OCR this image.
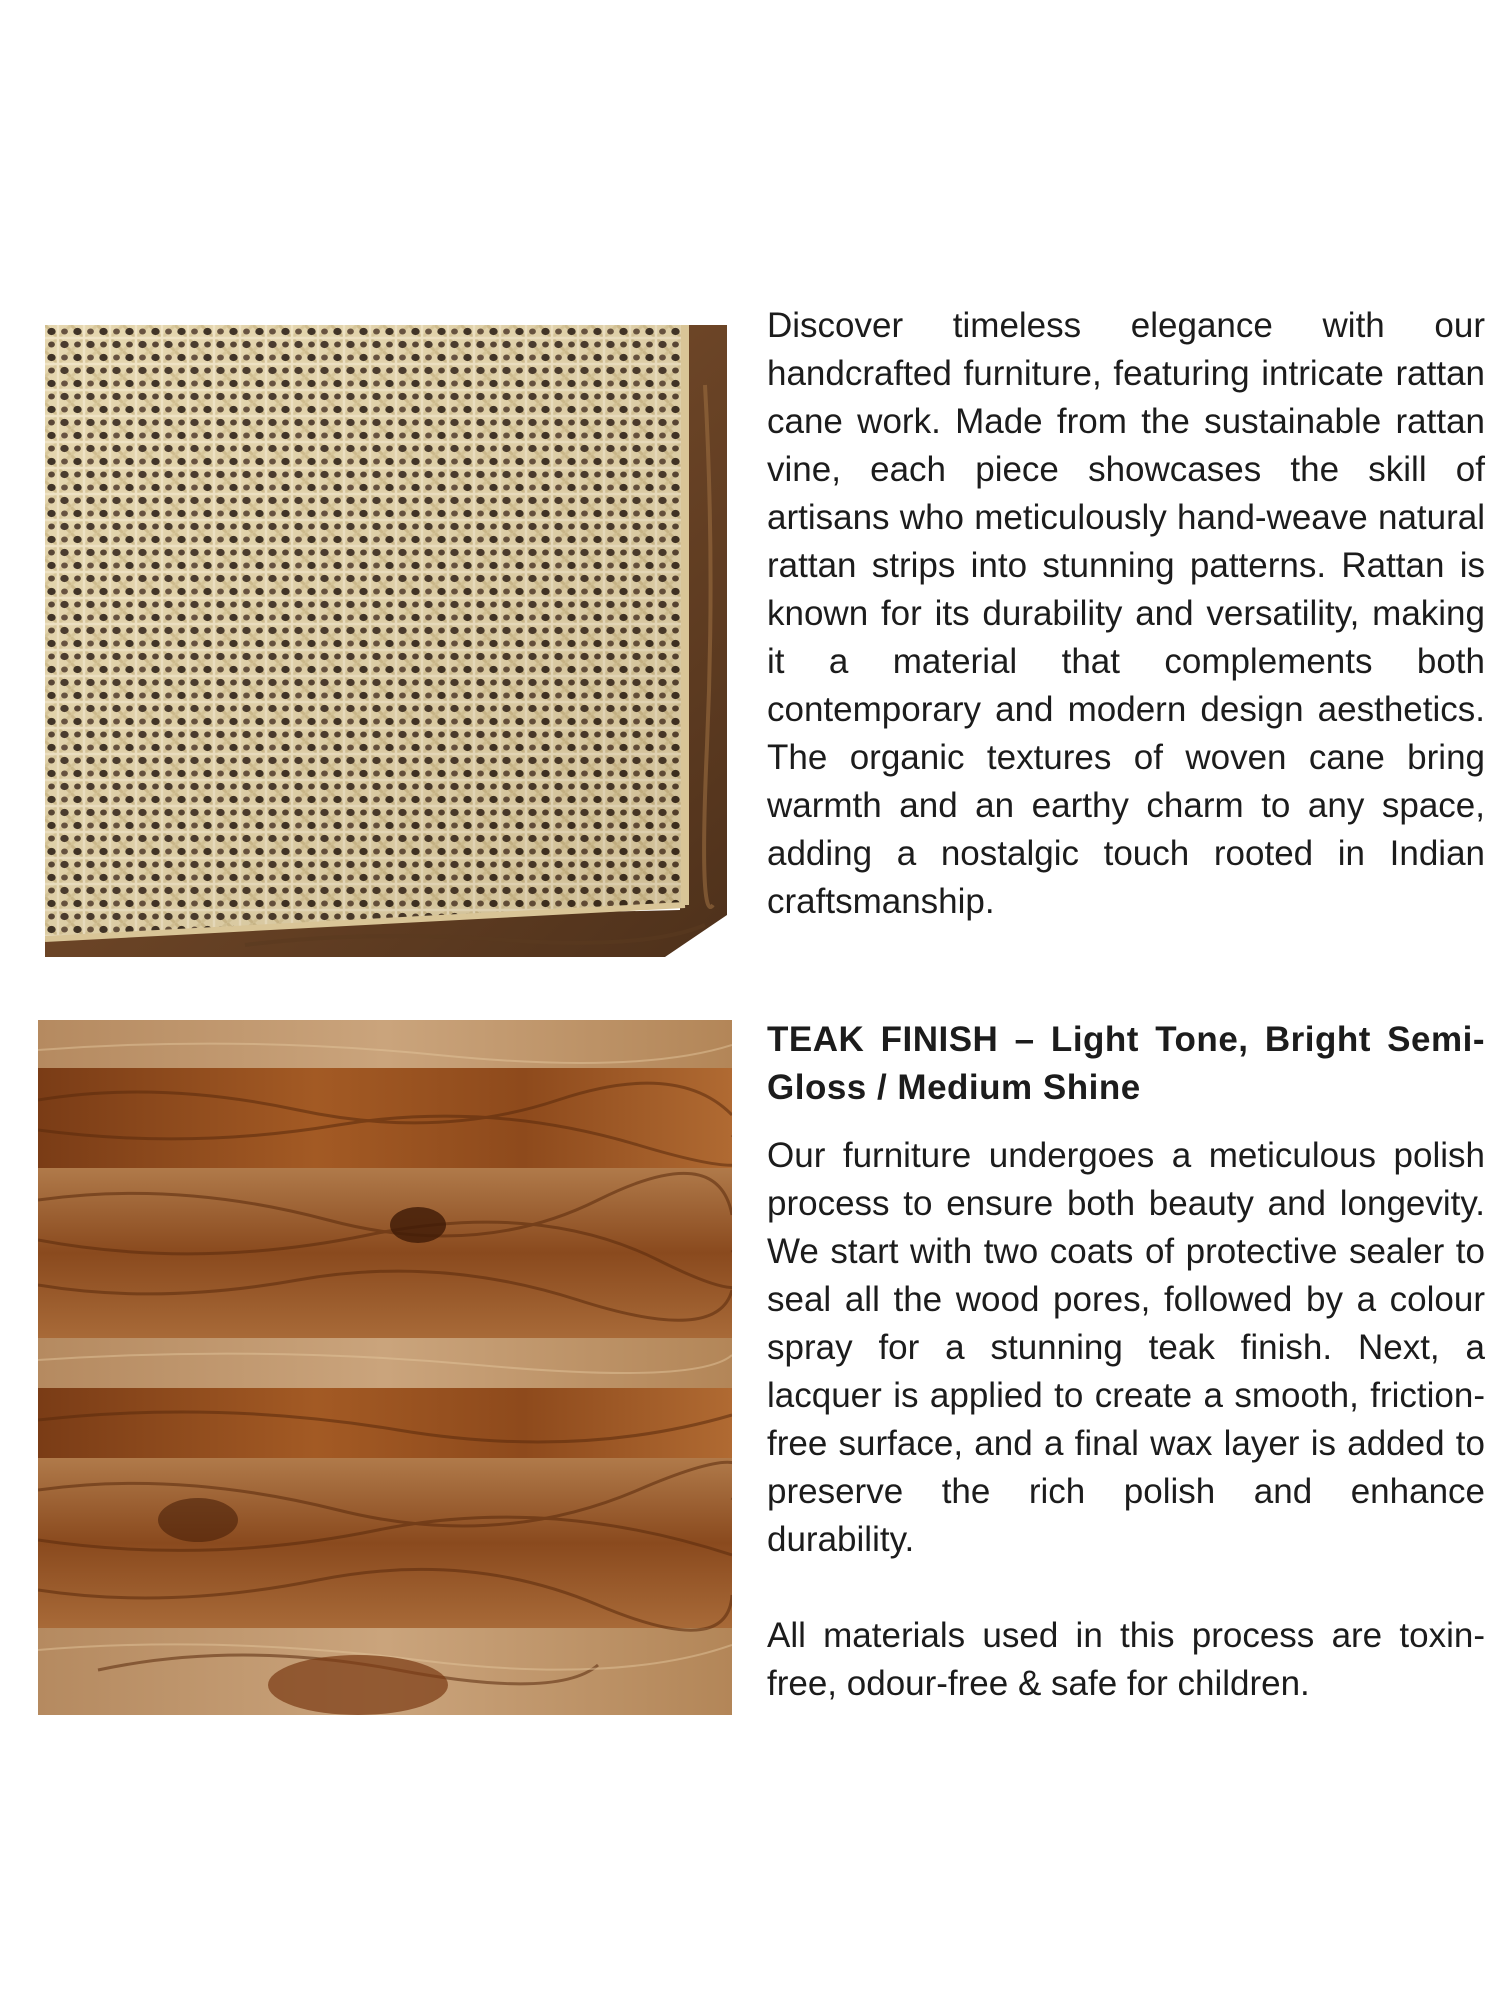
Discover timeless elegance with our handcrafted furniture, featuring intricate rattan cane work. Made from the sustainable rattan vine, each piece showcases the skill of artisans who meticulously hand-weave natural rattan strips into stunning patterns. Rattan is known for its durability and versatility, making it a material that complements both contemporary and modern design aesthetics. The organic textures of woven cane bring warmth and an earthy charm to any space, adding a nostalgic touch rooted in Indian craftsmanship.

TEAK FINISH – Light Tone, Bright Semi-Gloss / Medium Shine

Our furniture undergoes a meticulous polish process to ensure both beauty and longevity. We start with two coats of protective sealer to seal all the wood pores, followed by a colour spray for a stunning teak finish. Next, a lacquer is applied to create a smooth, friction-free surface, and a final wax layer is added to preserve the rich polish and enhance durability.

All materials used in this process are toxin-free, odour-free & safe for children.
